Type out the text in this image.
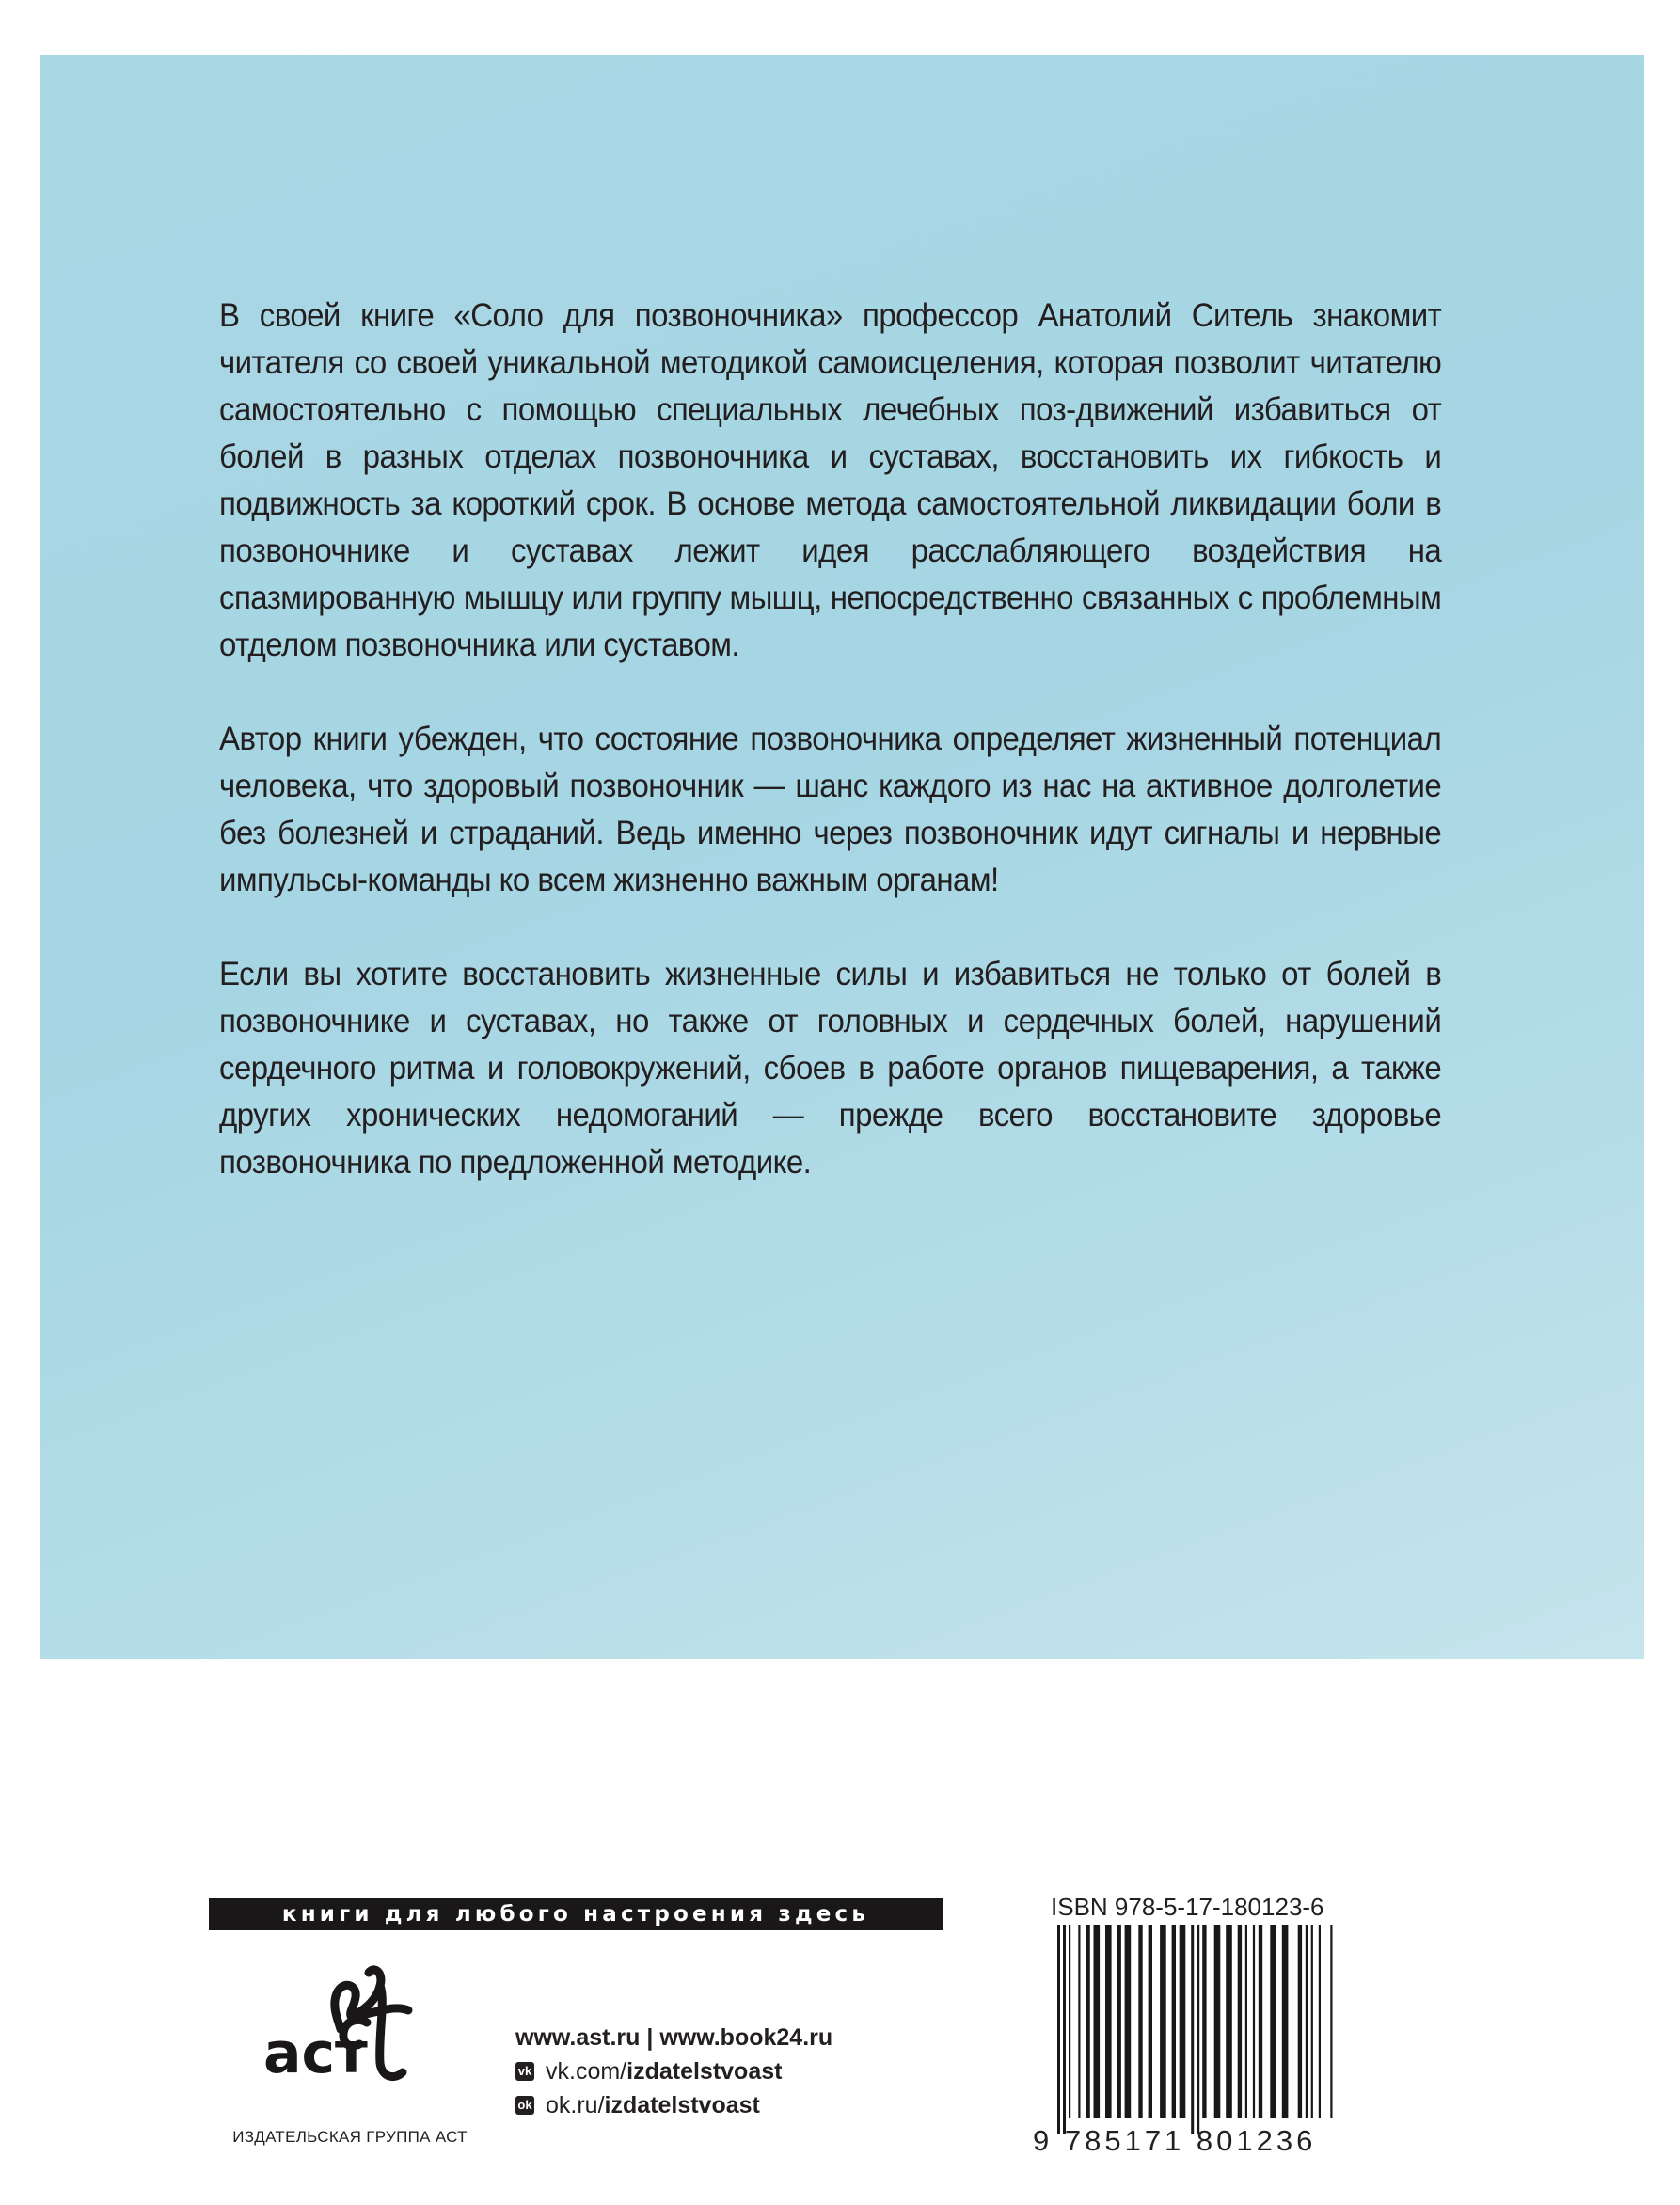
В своей книге «Соло для позвоночника» профессор Анатолий Ситель знакомит читателя со своей уникальной методикой самоисцеления, которая позволит читателю самостоятельно с помощью специальных лечебных поз-движений избавиться от болей в разных отделах позвоночника и суставах, восстановить их гибкость и подвижность за короткий срок. В основе метода самостоятельной ликвидации боли в позвоночнике и суставах лежит идея расслабляющего воздействия на спазмированную мышцу или группу мышц, непосредственно связанных с проблемным отделом позвоночника или суставом.

Автор книги убежден, что состояние позвоночника определяет жизненный потенциал человека, что здоровый позвоночник — шанс каждого из нас на активное долголетие без болезней и страданий. Ведь именно через позвоночник идут сигналы и нервные импульсы-команды ко всем жизненно важным органам!

Если вы хотите восстановить жизненные силы и избавиться не только от болей в позвоночнике и суставах, но также от головных и сердечных болей, нарушений сердечного ритма и головокружений, сбоев в работе органов пищеварения, а также других хронических недомоганий — прежде всего восстановите здоровье позвоночника по предложенной методике.

книги для любого настроения здесь
аст
ИЗДАТЕЛЬСКАЯ ГРУППА АСТ
www.ast.ru | www.book24.ru
vk vk.com/ izdatelstvoast
ok ok.ru/ izdatelstvoast
ISBN 978-5-17-180123-6
9 785171 801236
